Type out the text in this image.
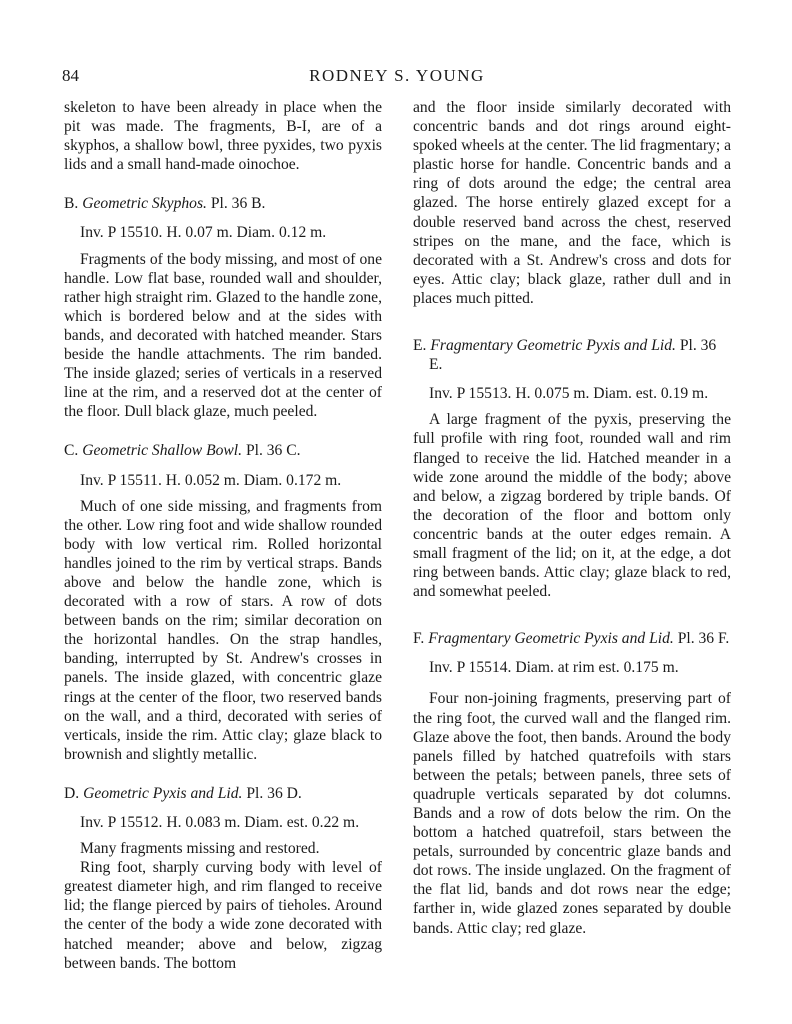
84	RODNEY S. YOUNG

skeleton to have been already in place when the pit was made. The fragments, B-I, are of a skyphos, a shallow bowl, three pyxides, two pyxis lids and a small hand-made oinochoe.

B. Geometric Skyphos. Pl. 36 B.

Inv. P 15510. H. 0.07 m. Diam. 0.12 m.

Fragments of the body missing, and most of one handle. Low flat base, rounded wall and shoulder, rather high straight rim. Glazed to the handle zone, which is bordered below and at the sides with bands, and decorated with hatched meander. Stars beside the handle attachments. The rim banded. The inside glazed; series of verticals in a reserved line at the rim, and a reserved dot at the center of the floor. Dull black glaze, much peeled.

C. Geometric Shallow Bowl. Pl. 36 C.

Inv. P 15511. H. 0.052 m. Diam. 0.172 m.

Much of one side missing, and fragments from the other. Low ring foot and wide shallow rounded body with low vertical rim. Rolled horizontal handles joined to the rim by vertical straps. Bands above and below the handle zone, which is decorated with a row of stars. A row of dots between bands on the rim; similar decoration on the horizontal handles. On the strap handles, banding, interrupted by St. Andrew's crosses in panels. The inside glazed, with concentric glaze rings at the center of the floor, two reserved bands on the wall, and a third, decorated with series of verticals, inside the rim. Attic clay; glaze black to brownish and slightly metallic.

D. Geometric Pyxis and Lid. Pl. 36 D.

Inv. P 15512. H. 0.083 m. Diam. est. 0.22 m.

Many fragments missing and restored.

Ring foot, sharply curving body with level of greatest diameter high, and rim flanged to receive lid; the flange pierced by pairs of tieholes. Around the center of the body a wide zone decorated with hatched meander; above and below, zigzag between bands. The bottom

and the floor inside similarly decorated with concentric bands and dot rings around eight-spoked wheels at the center. The lid fragmentary; a plastic horse for handle. Concentric bands and a ring of dots around the edge; the central area glazed. The horse entirely glazed except for a double reserved band across the chest, reserved stripes on the mane, and the face, which is decorated with a St. Andrew's cross and dots for eyes. Attic clay; black glaze, rather dull and in places much pitted.

E. Fragmentary Geometric Pyxis and Lid. Pl. 36 E.

Inv. P 15513. H. 0.075 m. Diam. est. 0.19 m.

A large fragment of the pyxis, preserving the full profile with ring foot, rounded wall and rim flanged to receive the lid. Hatched meander in a wide zone around the middle of the body; above and below, a zigzag bordered by triple bands. Of the decoration of the floor and bottom only concentric bands at the outer edges remain. A small fragment of the lid; on it, at the edge, a dot ring between bands. Attic clay; glaze black to red, and somewhat peeled.

F. Fragmentary Geometric Pyxis and Lid. Pl. 36 F.

Inv. P 15514. Diam. at rim est. 0.175 m.

Four non-joining fragments, preserving part of the ring foot, the curved wall and the flanged rim. Glaze above the foot, then bands. Around the body panels filled by hatched quatrefoils with stars between the petals; between panels, three sets of quadruple verticals separated by dot columns. Bands and a row of dots below the rim. On the bottom a hatched quatrefoil, stars between the petals, surrounded by concentric glaze bands and dot rows. The inside unglazed. On the fragment of the flat lid, bands and dot rows near the edge; farther in, wide glazed zones separated by double bands. Attic clay; red glaze.
